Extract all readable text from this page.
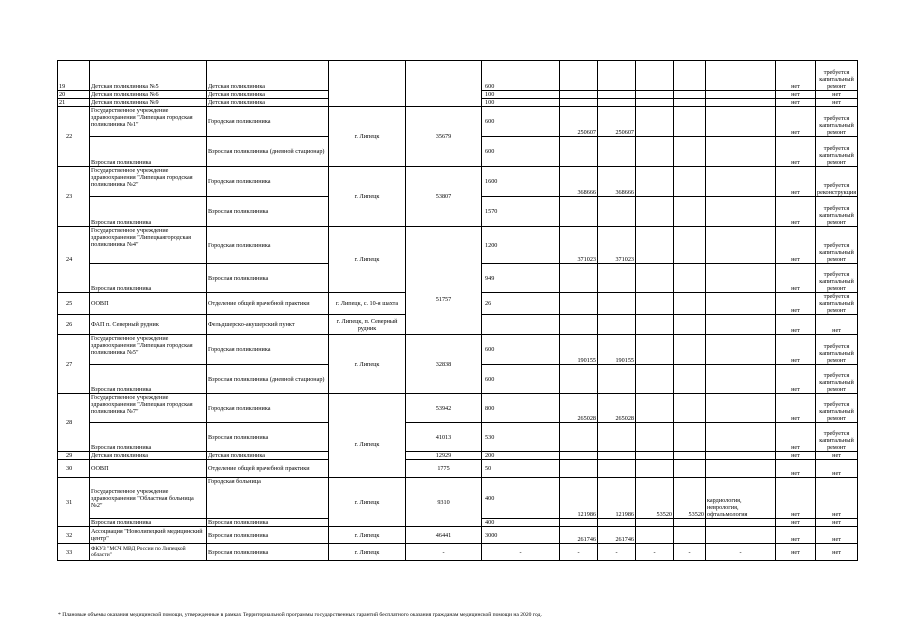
19	Детская поликлиника №5	Детская поликлиника			600						нет	требуется капитальный ремонт
20	Детская поликлиника №6	Детская поликлиника			100						нет	нет
21	Детская поликлиника №9	Детская поликлиника			100						нет	нет
22	Государственное учреждение здравоохранения "Липецкая городская поликлиника №1"	Городская поликлиника	г. Липецк	35679	600	250607	250607				нет	требуется капитальный ремонт
	Взрослая поликлиника	Взрослая поликлиника (дневной стационар)			600						нет	требуется капитальный ремонт
23	Государственное учреждение здравоохранения "Липецкая городская поликлиника №2"	Городская поликлиника	г. Липецк	53807	1600	368666	368666				нет	требуется реконструкция
	Взрослая поликлиника	Взрослая поликлиника			1570						нет	требуется капитальный ремонт
24	Государственное учреждение здравоохранения "Липецкаягородская поликлиника №4"	Городская поликлиника	г. Липецк	51757	1200	371023	371023				нет	требуется капитальный ремонт
	Взрослая поликлиника	Взрослая поликлиника			949						нет	требуется капитальный ремонт
25	ООВП	Отделение общей врачебной практики	г. Липецк, с. 10-я шахта		26						нет	требуется капитальный ремонт
26	ФАП п. Северный рудник	Фельдшерско-акушерский пункт	г. Липецк, п. Северный рудник								нет	нет
27	Государственное учреждение здравоохранения "Липецкая городская поликлиника №5"	Городская поликлиника	г. Липецк	32838	600	190155	190155				нет	требуется капитальный ремонт
	Взрослая поликлиника	Взрослая поликлиника (дневной стационар)			600						нет	требуется капитальный ремонт
28	Государственное учреждение здравоохранения "Липецкая городская поликлиника №7"	Городская поликлиника	г. Липецк	53942	800	265028	265028				нет	требуется капитальный ремонт
	Взрослая поликлиника	Взрослая поликлиника		41013	530						нет	требуется капитальный ремонт
29	Детская поликлиника	Детская поликлиника		12929	200						нет	нет
30	ООВП	Отделение общей врачебной практики		1775	50						нет	нет
31	Государственное учреждение здравоохранения "Областная больница №2"	Городская больница	г. Липецк	9310	400	121986	121986	53520	53520	кардиология, неврология, офтальмология	нет	нет
	Взрослая поликлиника	Взрослая поликлиника			400						нет	нет
32	Ассоциация "Новолипецкий медицинский центр"	Взрослая поликлиника	г. Липецк	46441	3000	261746	261746				нет	нет
33	ФКУЗ "МСЧ МВД России по Липецкой области"	Взрослая поликлиника	г. Липецк	-	-	-	-	-	-	-	нет	нет
* Плановые объемы оказания медицинской помощи, утвержденные в рамках Территориальной программы государственных гарантий бесплатного оказания гражданам медицинской помощи на 2020 год.
